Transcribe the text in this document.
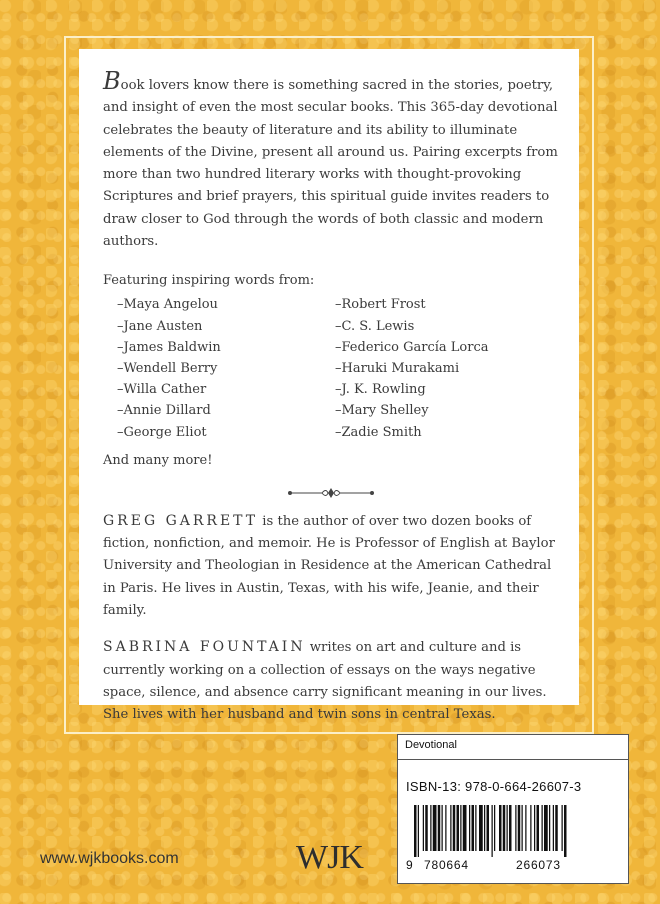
Book lovers know there is something sacred in the stories, poetry, and insight of even the most secular books. This 365-day devotional celebrates the beauty of literature and its ability to illuminate elements of the Divine, present all around us. Pairing excerpts from more than two hundred literary works with thought-provoking Scriptures and brief prayers, this spiritual guide invites readers to draw closer to God through the words of both classic and modern authors.

Featuring inspiring words from:

– Maya Angelou
– Jane Austen
– James Baldwin
– Wendell Berry
– Willa Cather
– Annie Dillard
– George Eliot
– Robert Frost
– C. S. Lewis
– Federico García Lorca
– Haruki Murakami
– J. K. Rowling
– Mary Shelley
– Zadie Smith

And many more!

GREG GARRETT is the author of over two dozen books of fiction, nonfiction, and memoir. He is Professor of English at Baylor University and Theologian in Residence at the American Cathedral in Paris. He lives in Austin, Texas, with his wife, Jeanie, and their family.

SABRINA FOUNTAIN writes on art and culture and is currently working on a collection of essays on the ways negative space, silence, and absence carry significant meaning in our lives. She lives with her husband and twin sons in central Texas.

Devotional
ISBN-13: 978-0-664-26607-3
9 780664	266073
www.wjkbooks.com	WJK
